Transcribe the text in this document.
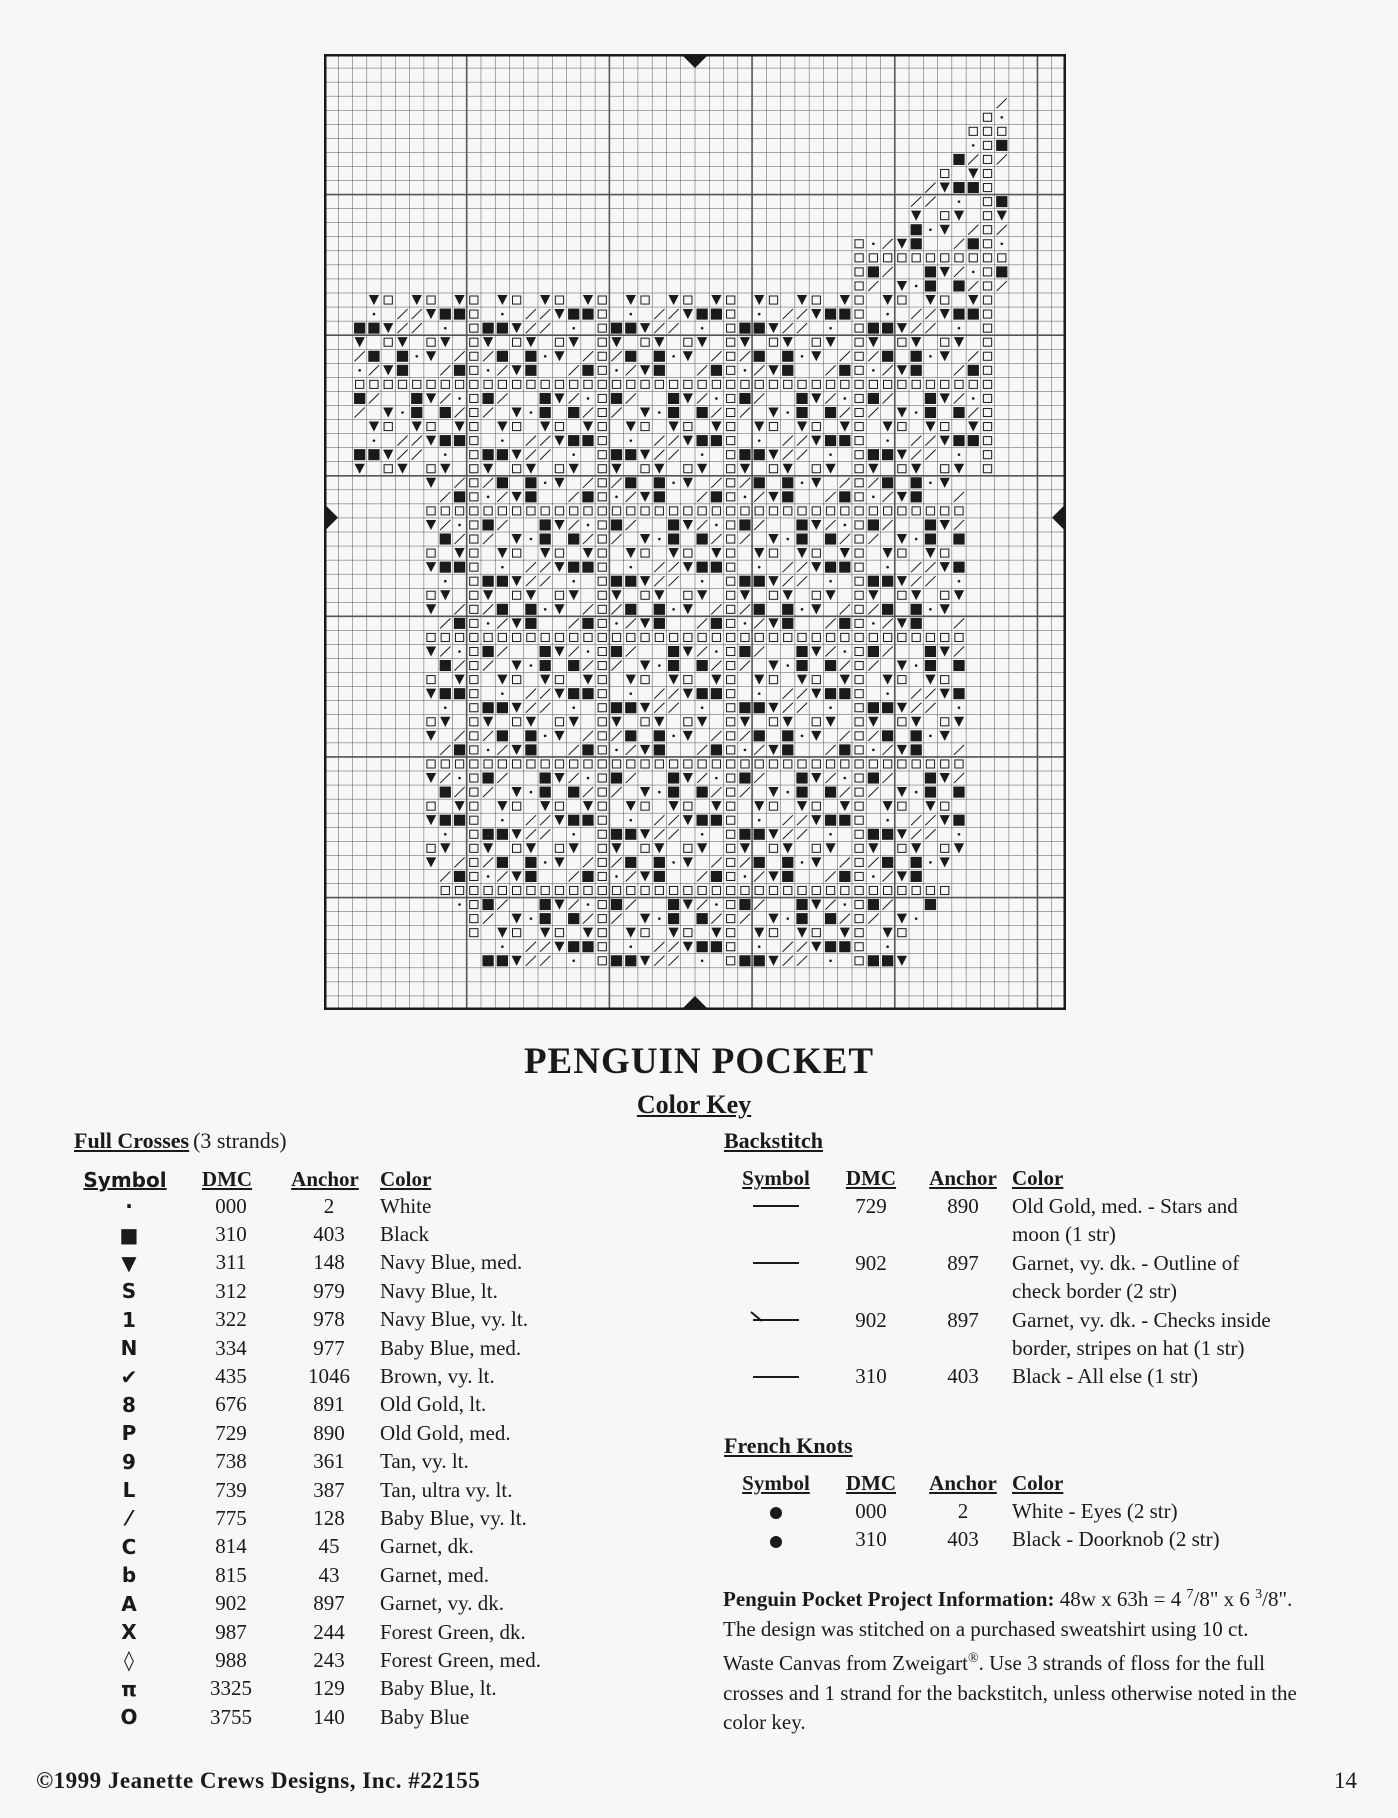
PENGUIN POCKET
Color Key
Full Crosses (3 strands)
Symbol	DMC	Anchor	Color
·	000	2	White
■	310	403	Black
▼	311	148	Navy Blue, med.
S	312	979	Navy Blue, lt.
1	322	978	Navy Blue, vy. lt.
N	334	977	Baby Blue, med.
✔	435	1046	Brown, vy. lt.
8	676	891	Old Gold, lt.
P	729	890	Old Gold, med.
9	738	361	Tan, vy. lt.
L	739	387	Tan, ultra vy. lt.
⁄	775	128	Baby Blue, vy. lt.
C	814	45	Garnet, dk.
b	815	43	Garnet, med.
A	902	897	Garnet, vy. dk.
X	987	244	Forest Green, dk.
◊	988	243	Forest Green, med.
π	3325	129	Baby Blue, lt.
O	3755	140	Baby Blue
Backstitch
Symbol	DMC	Anchor	Color
	729	890	Old Gold, med. - Stars and
moon (1 str)
	902	897	Garnet, vy. dk. - Outline of
check border (2 str)
	902	897	Garnet, vy. dk. - Checks inside
border, stripes on hat (1 str)
	310	403	Black - All else (1 str)
French Knots
Symbol	DMC	Anchor	Color
	000	2	White - Eyes (2 str)
	310	403	Black - Doorknob (2 str)
Penguin Pocket Project Information: 48w x 63h = 4 $^7$/8" x 6 $^3$/8". The design was stitched on a purchased sweatshirt using 10 ct. Waste Canvas from Zweigart®. Use 3 strands of floss for the full crosses and 1 strand for the backstitch, unless otherwise noted in the color key.
©1999 Jeanette Crews Designs, Inc. #22155	14
